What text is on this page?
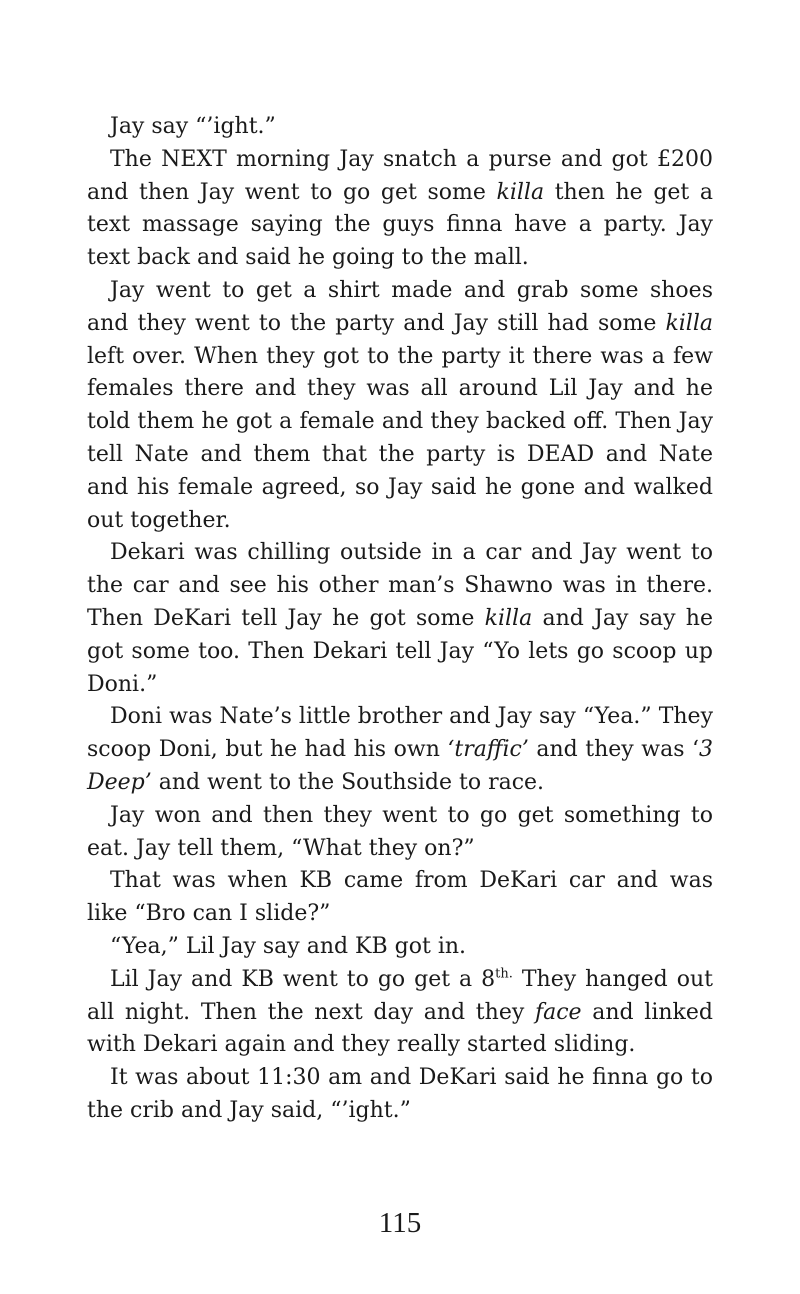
Jay say “’ight.”

The NEXT morning Jay snatch a purse and got £200 and then Jay went to go get some killa then he get a text massage saying the guys finna have a party. Jay text back and said he going to the mall.

Jay went to get a shirt made and grab some shoes and they went to the party and Jay still had some killa left over. When they got to the party it there was a few females there and they was all around Lil Jay and he told them he got a female and they backed off. Then Jay tell Nate and them that the party is DEAD and Nate and his female agreed, so Jay said he gone and walked out together.

Dekari was chilling outside in a car and Jay went to the car and see his other man’s Shawno was in there. Then DeKari tell Jay he got some killa and Jay say he got some too. Then Dekari tell Jay “Yo lets go scoop up Doni.”

Doni was Nate’s little brother and Jay say “Yea.” They scoop Doni, but he had his own ‘traffic’ and they was ‘3 Deep’ and went to the Southside to race.

Jay won and then they went to go get something to eat. Jay tell them, “What they on?”

That was when KB came from DeKari car and was like “Bro can I slide?”

“Yea,” Lil Jay say and KB got in.

Lil Jay and KB went to go get a $8^{th.}$ They hanged out all night. Then the next day and they face and linked with Dekari again and they really started sliding.

It was about 11:30 am and DeKari said he finna go to the crib and Jay said, “’ight.”

115
